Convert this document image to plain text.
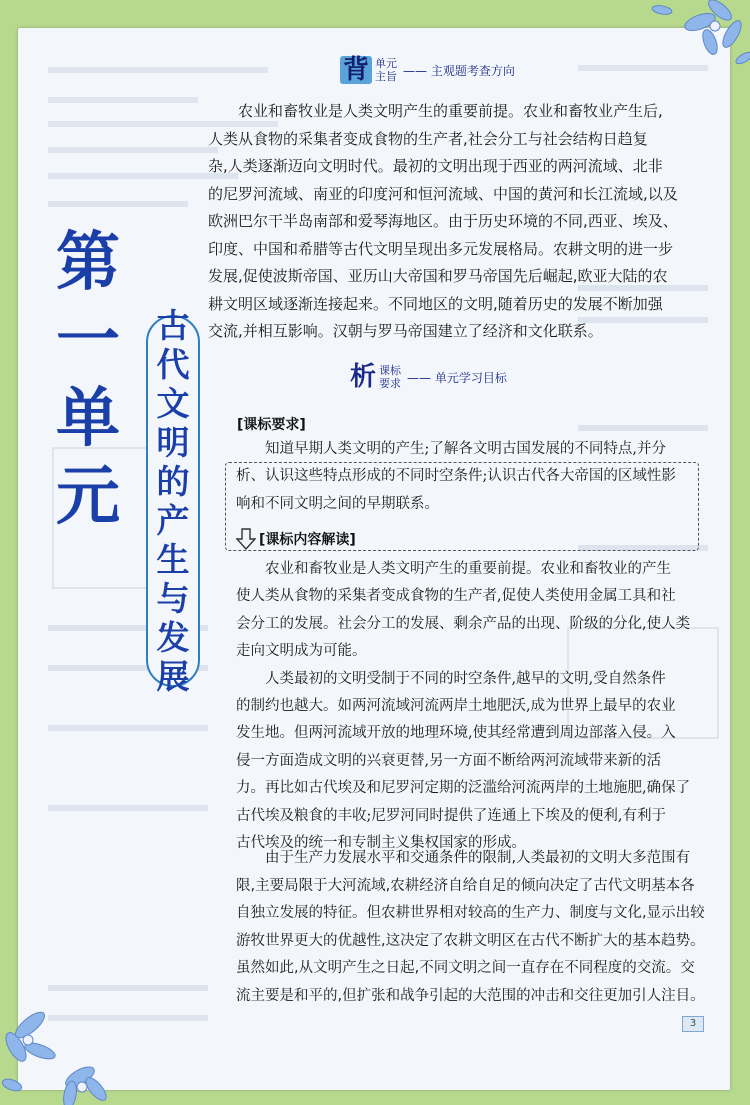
背 单元
主旨 —— 主观题考查方向
农业和畜牧业是人类文明产生的重要前提。农业和畜牧业产生后,
人类从食物的采集者变成食物的生产者,社会分工与社会结构日趋复
杂,人类逐渐迈向文明时代。最初的文明出现于西亚的两河流域、北非
的尼罗河流域、南亚的印度河和恒河流域、中国的黄河和长江流域,以及
欧洲巴尔干半岛南部和爱琴海地区。由于历史环境的不同,西亚、埃及、
印度、中国和希腊等古代文明呈现出多元发展格局。农耕文明的进一步
发展,促使波斯帝国、亚历山大帝国和罗马帝国先后崛起,欧亚大陆的农
耕文明区域逐渐连接起来。不同地区的文明,随着历史的发展不断加强
交流,并相互影响。汉朝与罗马帝国建立了经济和文化联系。
第
一
单
元
古
代
文
明
的
产
生
与
发
展
析 课标
要求 —— 单元学习目标
[课标要求]
知道早期人类文明的产生;了解各文明古国发展的不同特点,并分
析、认识这些特点形成的不同时空条件;认识古代各大帝国的区域性影
响和不同文明之间的早期联系。
[课标内容解读]
农业和畜牧业是人类文明产生的重要前提。农业和畜牧业的产生
使人类从食物的采集者变成食物的生产者,促使人类使用金属工具和社
会分工的发展。社会分工的发展、剩余产品的出现、阶级的分化,使人类
走向文明成为可能。
人类最初的文明受制于不同的时空条件,越早的文明,受自然条件
的制约也越大。如两河流域河流两岸土地肥沃,成为世界上最早的农业
发生地。但两河流域开放的地理环境,使其经常遭到周边部落入侵。入
侵一方面造成文明的兴衰更替,另一方面不断给两河流域带来新的活
力。再比如古代埃及和尼罗河定期的泛滥给河流两岸的土地施肥,确保了
古代埃及粮食的丰收;尼罗河同时提供了连通上下埃及的便利,有利于
古代埃及的统一和专制主义集权国家的形成。
由于生产力发展水平和交通条件的限制,人类最初的文明大多范围有
限,主要局限于大河流域,农耕经济自给自足的倾向决定了古代文明基本各
自独立发展的特征。但农耕世界相对较高的生产力、制度与文化,显示出较
游牧世界更大的优越性,这决定了农耕文明区在古代不断扩大的基本趋势。
虽然如此,从文明产生之日起,不同文明之间一直存在不同程度的交流。交
流主要是和平的,但扩张和战争引起的大范围的冲击和交往更加引人注目。
3
